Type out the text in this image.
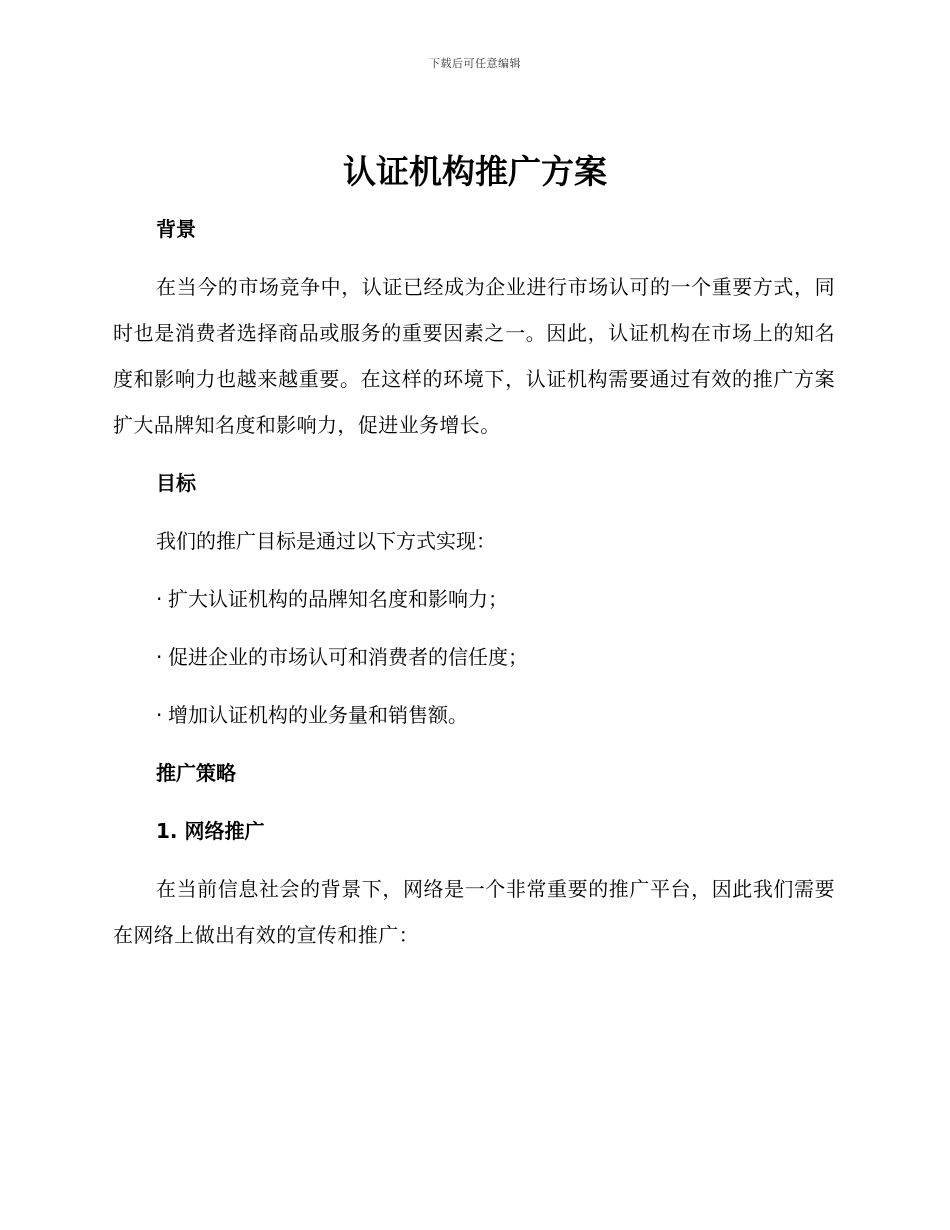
下载后可任意编辑
认证机构推广方案
背景

在当今的市场竞争中，认证已经成为企业进行市场认可的一个重要方式，同时也是消费者选择商品或服务的重要因素之一。因此，认证机构在市场上的知名度和影响力也越来越重要。在这样的环境下，认证机构需要通过有效的推广方案扩大品牌知名度和影响力，促进业务增长。

目标
我们的推广目标是通过以下方式实现：
· 扩大认证机构的品牌知名度和影响力；
· 促进企业的市场认可和消费者的信任度；
· 增加认证机构的业务量和销售额。
推广策略
1. 网络推广

在当前信息社会的背景下，网络是一个非常重要的推广平台，因此我们需要在网络上做出有效的宣传和推广：
